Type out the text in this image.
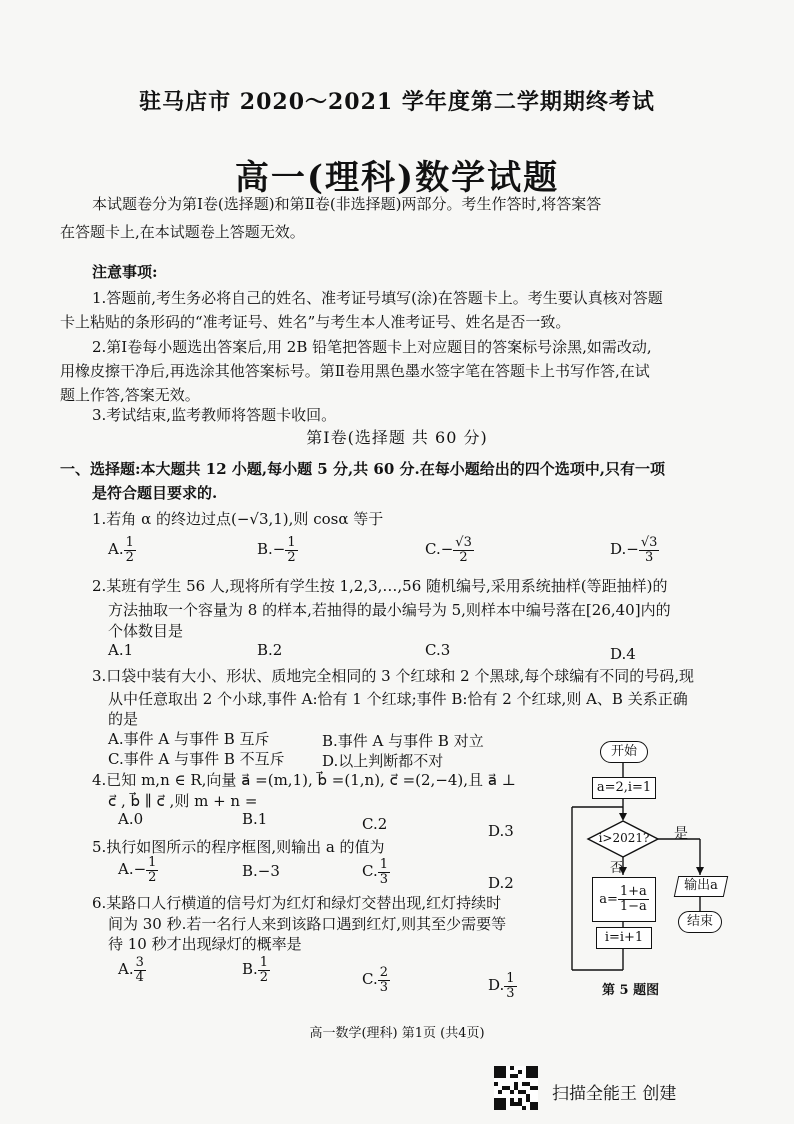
驻马店市 2020～2021 学年度第二学期期终考试
高一(理科)数学试题
本试题卷分为第Ⅰ卷(选择题)和第Ⅱ卷(非选择题)两部分。考生作答时,将答案答
在答题卡上,在本试题卷上答题无效。
注意事项:
1.答题前,考生务必将自己的姓名、准考证号填写(涂)在答题卡上。考生要认真核对答题
卡上粘贴的条形码的“准考证号、姓名”与考生本人准考证号、姓名是否一致。
2.第Ⅰ卷每小题选出答案后,用 2B 铅笔把答题卡上对应题目的答案标号涂黑,如需改动,
用橡皮擦干净后,再选涂其他答案标号。第Ⅱ卷用黑色墨水签字笔在答题卡上书写作答,在试
题上作答,答案无效。
3.考试结束,监考教师将答题卡收回。
第Ⅰ卷(选择题 共 60 分)
一、选择题:本大题共 12 小题,每小题 5 分,共 60 分.在每小题给出的四个选项中,只有一项
是符合题目要求的.
1.若角 α 的终边过点(−√3,1),则 cosα 等于
A. $\frac{1}{2}$	$B.- \frac{1}{2}$	$C.- \frac{√3}{2}$	$D.- \frac{√3}{3}$
2.某班有学生 56 人,现将所有学生按 1,2,3,…,56 随机编号,采用系统抽样(等距抽样)的
方法抽取一个容量为 8 的样本,若抽得的最小编号为 5,则样本中编号落在[26,40]内的
个体数目是
A.1	B.2	C.3	D.4
3.口袋中装有大小、形状、质地完全相同的 3 个红球和 2 个黑球,每个球编有不同的号码,现
从中任意取出 2 个小球,事件 A:恰有 1 个红球;事件 B:恰有 2 个红球,则 A、B 关系正确
的是
A.事件 A 与事件 B 互斥	B.事件 A 与事件 B 对立
C.事件 A 与事件 B 不互斥 D.以上判断都不对
4.已知 m,n ∈ R,向量 a⃗ =(m,1), b⃗ =(1,n), c⃗ =(2,−4),且 a⃗ ⊥
c⃗ , b⃗ ∥ c⃗ ,则 m + n =
A.0	B.1	C.2	D.3
5.执行如图所示的程序框图,则输出 a 的值为
$A.- \frac{1}{2}$	B.−3	C. $\frac{1}{3}$	D.2
6.某路口人行横道的信号灯为红灯和绿灯交替出现,红灯持续时
间为 30 秒.若一名行人来到该路口遇到红灯,则其至少需要等
待 10 秒才出现绿灯的概率是
A. $\frac{3}{4}$	B. $\frac{1}{2}$	C. $\frac{2}{3}$	D. $\frac{1}{3}$
开始
a=2,i=1
i>2021? 是
否
$a= \frac{1+a}{1-a}$
i=i+1
输出a
结束
第 5 题图
高一数学(理科) 第1页 (共4页)
扫描全能王 创建
